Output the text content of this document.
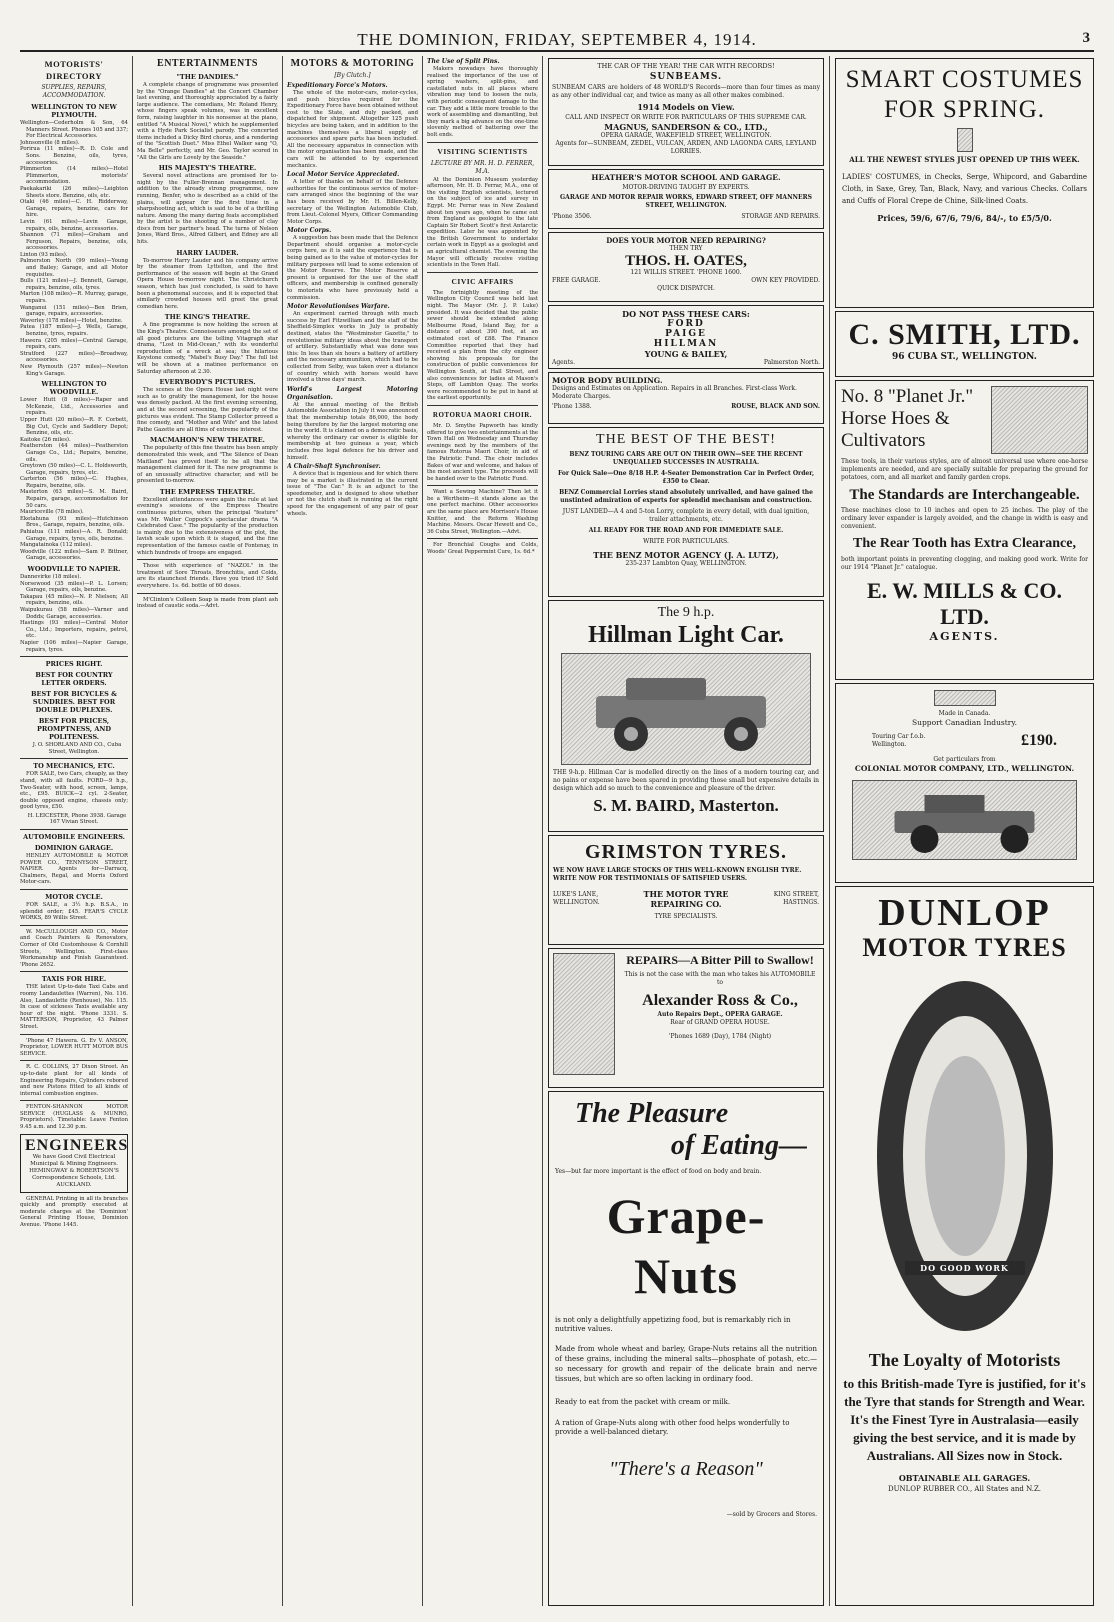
THE DOMINION, FRIDAY, SEPTEMBER 4, 1914.	3
MOTORISTS' DIRECTORY
SUPPLIES, REPAIRS, ACCOMMODATION.
WELLINGTON TO NEW PLYMOUTH.
Wellington—Cederholm & Son, 64 Manners Street. Phones 105 and 337; For Electrical Accessories.
Johnsonville (8 miles).
Porirua (11 miles)—R. D. Cole and Sons. Benzine, oils, tyres, accessories.
Plimmerton (14 miles)—Hotel Plimmerton, motorists' accommodation.
Paekakariki (26 miles)—Leighton Sheets store. Benzine, oils, etc.
Otaki (46 miles)—C. H. Ridderway, Garage, repairs, benzine, cars for hire.
Levin (61 miles)—Levin Garage, repairs, oils, benzine, accessories.
Shannon (71 miles)—Graham and Ferguson, Repairs, benzine, oils, accessories.
Linton (93 miles).
Palmerston North (99 miles)—Young and Bailey; Garage, and all Motor requisites.
Bulls (121 miles)—J. Bennett, Garage, repairs, benzine, oils, tyres.
Marton (108 miles)—R. Murray, garage, repairs.
Wanganui (151 miles)—Ben Brien, garage, repairs, accessories.
Waverley (178 miles)—Hotel, benzine.
Patea (187 miles)—J. Wells, Garage, benzine, tyres, repairs.
Hawera (205 miles)—Central Garage, repairs, cars.
Stratford (227 miles)—Broadway, accessories.
New Plymouth (257 miles)—Newton King's Garage.
WELLINGTON TO WOODVILLE.
Lower Hutt (8 miles)—Raper and McKenzie, Ltd., Accessories and repairs.
Upper Hutt (20 miles)—R. F. Corbett, Big Cut, Cycle and Saddlery Depot; Benzine, oils, etc.
Kaitoke (26 miles).
Featherston (44 miles)—Featherston Garage Co., Ltd.; Repairs, benzine, oils.
Greytown (50 miles)—C. L. Holdsworth, Garage, repairs, tyres, etc.
Carterton (56 miles)—C. Hughes, Repairs, benzine, oils.
Masterton (63 miles)—S. M. Baird, Repairs, garage, accommodation for 50 cars.
Mauriceville (78 miles).
Eketahuna (93 miles)—Hutchinson Bros., Garage, repairs, benzine, oils.
Pahiatua (111 miles)—A. R. Donald; Garage, repairs, tyres, oils, benzine.
Mangatainoka (112 miles).
Woodville (122 miles)—Sam P. Bittner, Garage, accessories.
WOODVILLE TO NAPIER.
Dannevirke (18 miles).
Norsewood (35 miles)—P. L. Lorsen; Garage, repairs, oils, benzine.
Takapau (45 miles)—N. P. Nielsen; All repairs, benzine, oils.
Waipukurau (58 miles)—Varner and Dodds; Garage, accessories.
Hastings (93 miles)—Central Motor Co., Ltd.; Importers, repairs, petrol, etc.
Napier (106 miles)—Napier Garage, repairs, tyres.
PRICES RIGHT.
BEST FOR COUNTRY LETTER ORDERS.
BEST FOR BICYCLES & SUNDRIES. BEST FOR DOUBLE DUPLEXES.
BEST FOR PRICES, PROMPTNESS, AND POLITENESS.
J. O. SHORLAND AND CO., Cuba Street, Wellington.
TO MECHANICS, ETC.
FOR SALE, two Cars, cheaply, as they stand, with all faults. FORD—9 h.p., Two-Seater, with hood, screen, lamps, etc., £95. BUICK—2 cyl. 2-Seater, double opposed engine, chassis only; good tyres, £50.
H. LEICESTER, Phone 3938. Garage 167 Vivian Street.
AUTOMOBILE ENGINEERS.
DOMINION GARAGE.
HENLEY AUTOMOBILE & MOTOR POWER CO., TENNYSON STREET, NAPIER. Agents for—Darracq, Chalmers, Regal, and Morris Oxford Motor-cars.
MOTOR CYCLE.
FOR SALE, a 3½ h.p. B.S.A., in splendid order; £45. FEAR'S CYCLE WORKS, 89 Willis Street.
W. McCULLOUGH AND CO., Motor and Coach Painters & Renovators, Corner of Old Customhouse & Cornhill Streets, Wellington. First-class Workmanship and Finish Guaranteed. 'Phone 2652.
TAXIS FOR HIRE.
THE latest Up-to-date Taxi Cabs and roomy Landaulettes (Warren), No. 116. Also, Landaulette (Renhouse), No. 115. In case of sickness Taxis available any hour of the night. 'Phone 3331. S. MATTERSON, Proprietor, 43 Palmer Street.
'Phone 47 Hawera. G. Ev V. ANSON, Proprietor, LOWER HUTT MOTOR BUS SERVICE.
R. C. COLLINS, 27 Dixon Street. An up-to-date plant for all kinds of Engineering Repairs, Cylinders rebored and new Pistons fitted to all kinds of internal combustion engines.
FENTON-SHANNON MOTOR SERVICE (HUGLASS & MUNRO, Proprietors). Timetable: Leave Fenton 9.45 a.m. and 12.30 p.m.
ENGINEERS
We have Good Civil Electrical Municipal & Mining Engineers. HEMINGWAY & ROBERTSON'S Correspondence Schools, Ltd. AUCKLAND.
GENERAL Printing in all its branches quickly and promptly executed at moderate charges at the 'Dominion' General Printing House, Dominion Avenue. 'Phone 1445.
ENTERTAINMENTS
"THE DANDIES."
A complete change of programme was presented by the "Orange Dandies" at the Concert Chamber last evening, and thoroughly appreciated by a fairly large audience. The comedians, Mr. Roland Henry, whose fingers speak volumes, was in excellent form, raising laughter in his nonsense at the piano, entitled "A Musical Novel," which he supplemented with a Hyde Park Socialist parody. The concerted items included a Dicky Bird chorus, and a rendering of the "Scottish Duet." Miss Ethel Walker sang "O, Ma Belle" perfectly, and Mr. Geo. Taylor scored in "All the Girls are Lovely by the Seaside."
HIS MAJESTY'S THEATRE.
Several novel attractions are promised for to-night by the Fuller-Brennan management. In addition to the already strong programme, now running, Benfer, who is described as a child of the plains, will appear for the first time in a sharpshooting act, which is said to be of a thrilling nature. Among the many daring feats accomplished by the artist is the shooting of a number of clay discs from her partner's head. The turns of Nelson Jones, Ward Bros., Alfred Gilberi, and Edney are all hits.
HARRY LAUDER.
To-morrow Harry Lauder and his company arrive by the steamer from Lyttelton, and the first performance of the season will begin at the Grand Opera House to-morrow night. The Christchurch season, which has just concluded, is said to have been a phenomenal success, and it is expected that similarly crowded houses will greet the great comedian here.
THE KING'S THEATRE.
A fine programme is now holding the screen at the King's Theatre. Connoisseurs amongst the set of all good pictures are the telling Vitagraph star drama, "Lost in Mid-Ocean," with its wonderful reproduction of a wreck at sea; the hilarious Keystone comedy, "Mabel's Busy Day." The full list will be shown at a matinee performance on Saturday afternoon at 2.30.
EVERYBODY'S PICTURES.
The scenes at the Opera House last night were such as to gratify the management, for the house was densely packed. At the first evening screening, and at the second screening, the popularity of the pictures was evident. The Stamp Collector proved a fine comedy, and "Mother and Wife" and the latest Pathe Gazette are all films of extreme interest.
MACMAHON'S NEW THEATRE.
The popularity of this fine theatre has been amply demonstrated this week, and "The Silence of Dean Maitland" has proved itself to be all that the management claimed for it. The new programme is of an unusually attractive character, and will be presented to-morrow.
THE EMPRESS THEATRE.
Excellent attendances were again the rule at last evening's sessions of the Empress Theatre continuous pictures, when the principal "feature" was Mr. Walter Coppock's spectacular drama "A Celebrated Case." The popularity of the production is mainly due to the extensiveness of the plot, the lavish scale upon which it is staged, and the fine representation of the famous castle of Fontenay, in which hundreds of troops are engaged.
Those with experience of "NAZOL" in the treatment of Sore Throats, Bronchitis, and Colds, are its staunchest friends. Have you tried it? Sold everywhere. 1s. 6d. bottle of 60 doses.
M'Clinton's Colleen Soap is made from plant ash instead of caustic soda.—Advt.
MOTORS & MOTORING
[By Clutch.]
Expeditionary Force's Motors.
The whole of the motor-cars, motor-cycles, and push bicycles required for the Expeditionary Force have been obtained without cost to the State, and duly packed, and dispatched for shipment. Altogether 125 push bicycles are being taken, and in addition to the machines themselves a liberal supply of accessories and spare parts has been included. All the necessary apparatus in connection with the motor organisation has been made, and the cars will be attended to by experienced mechanics.
Local Motor Service Appreciated.
A letter of thanks on behalf of the Defence authorities for the continuous service of motor-cars arranged since the beginning of the war has been received by Mr. H. Billen-Kelly, secretary of the Wellington Automobile Club, from Lieut.-Colonel Myers, Officer Commanding Motor Corps.
Motor Corps.
A suggestion has been made that the Defence Department should organise a motor-cycle corps here, as it is said the experience that is being gained as to the value of motor-cycles for military purposes will lead to some extension of the Motor Reserve. The Motor Reserve at present is organised for the use of the staff officers, and membership is confined generally to motorists who have previously held a commission.
Motor Revolutionises Warfare.
An experiment carried through with much success by Earl Fitzwilliam and the staff of the Sheffield-Simplex works in July is probably destined, states the "Westminster Gazette," to revolutionise military ideas about the transport of artillery. Substantially what was done was this: In less than six hours a battery of artillery and the necessary ammunition, which had to be collected from Selby, was taken over a distance of country which with horses would have involved a three days' march.
World's Largest Motoring Organisation.
At the annual meeting of the British Automobile Association in July it was announced that the membership totals 86,000, the body being therefore by far the largest motoring one in the world. It is claimed on a democratic basis, whereby the ordinary car owner is eligible for membership at two guineas a year, which includes free legal defence for his driver and himself.
A Chair-Shaft Synchroniser.
A device that is ingenious and for which there may be a market is illustrated in the current issue of "The Car." It is an adjunct to the speedometer, and is designed to show whether or not the clutch shaft is running at the right speed for the engagement of any pair of gear wheels.
The Use of Split Pins.
Makers nowadays have thoroughly realised the importance of the use of spring washers, split-pins, and castellated nuts in all places where vibration may tend to loosen the nuts, with periodic consequent damage to the car. They add a little more trouble to the work of assembling and dismantling, but they mark a big advance on the one-time slovenly method of battering over the bolt ends.
VISITING SCIENTISTS
LECTURE BY MR. H. D. FERRER, M.A.
At the Dominion Museum yesterday afternoon, Mr. H. D. Ferrar, M.A., one of the visiting English scientists, lectured on the subject of ice and survey in Egypt. Mr. Ferrar was in New Zealand about ten years ago, when he came out from England as geologist to the late Captain Sir Robert Scott's first Antarctic expedition. Later he was appointed by the British Government to undertake certain work in Egypt as a geologist and an agricultural chemist. The evening the Mayor will officially receive visiting scientists in the Town Hall.
CIVIC AFFAIRS
The fortnightly meeting of the Wellington City Council was held last night. The Mayor (Mr. J. P. Luke) presided. It was decided that the public sewer should be extended along Melbourne Road, Island Bay, for a distance of about 390 feet, at an estimated cost of £88. The Finance Committee reported that they had received a plan from the city engineer showing his proposals for the construction of public conveniences for Wellington South, at Hall Street, and also conveniences for ladies at Mason's Steps, off Lambton Quay. The works were recommended to be put in hand at the earliest opportunity.
ROTORUA MAORI CHOIR.
Mr. D. Smythe Papworth has kindly offered to give two entertainments at the Town Hall on Wednesday and Thursday evenings next by the members of the famous Rotorua Maori Choir, in aid of the Patriotic Fund. The choir includes Bakes of war and welcome, and hakas of the most ancient type. The proceeds will be handed over to the Patriotic Fund.
Want a Sewing Machine? Then let it be a Wertheim—it stands alone as the one perfect machine. Other accessories are the same place are Morrison's House Knitter, and the Reform Washing Machine. Messrs. Oscar Hewett and Co., 36 Cuba Street, Wellington.—Advt.
For Bronchial Coughs and Colds, Woods' Great Peppermint Cure, 1s. 6d.*
THE CAR OF THE YEAR! THE CAR WITH RECORDS!
SUNBEAMS.
SUNBEAM CARS are holders of 48 WORLD'S Records—more than four times as many as any other individual car, and twice as many as all other makes combined.
1914 Models on View.
CALL AND INSPECT OR WRITE FOR PARTICULARS OF THIS SUPREME CAR.
MAGNUS, SANDERSON & CO., LTD.,
OPERA GARAGE, WAKEFIELD STREET, WELLINGTON.
Agents for—SUNBEAM, ZEDEL, VULCAN, ARDEN, AND LAGONDA CARS, LEYLAND LORRIES.
HEATHER'S MOTOR SCHOOL AND GARAGE.
MOTOR-DRIVING TAUGHT BY EXPERTS.
GARAGE AND MOTOR REPAIR WORKS, EDWARD STREET, OFF MANNERS STREET, WELLINGTON.
'Phone 3506.	STORAGE AND REPAIRS.
DOES YOUR MOTOR NEED REPAIRING?
THEN TRY
THOS. H. OATES,
121 WILLIS STREET. 'PHONE 1600.
FREE GARAGE.	OWN KEY PROVIDED.
QUICK DISPATCH.
DO NOT PASS THESE CARS:
FORD
PAIGE
HILLMAN
YOUNG & BAILEY,
Agents.	Palmerston North.
MOTOR BODY BUILDING.
Designs and Estimates on Application. Repairs in all Branches. First-class Work. Moderate Charges.
'Phone 1388.	ROUSE, BLACK AND SON.
THE BEST OF THE BEST!
BENZ TOURING CARS ARE OUT ON THEIR OWN—SEE THE RECENT UNEQUALLED SUCCESSES IN AUSTRALIA.
For Quick Sale—One 8/18 H.P. 4-Seater Demonstration Car in Perfect Order, £350 to Clear.
BENZ Commercial Lorries stand absolutely unrivalled, and have gained the unstinted admiration of experts for splendid mechanism and construction.
JUST LANDED—A 4 and 5-ton Lorry, complete in every detail, with dual ignition, trailer attachments, etc.
ALL READY FOR THE ROAD AND FOR IMMEDIATE SALE.
WRITE FOR PARTICULARS.
THE BENZ MOTOR AGENCY (J. A. LUTZ),
235-237 Lambton Quay, WELLINGTON.
The 9 h.p.
Hillman Light Car.
THE 9-h.p. Hillman Car is modelled directly on the lines of a modern touring car, and no pains or expense have been spared in providing those small but expensive details in design which add so much to the convenience and pleasure of the driver.
S. M. BAIRD, Masterton.
GRIMSTON TYRES.
WE NOW HAVE LARGE STOCKS OF THIS WELL-KNOWN ENGLISH TYRE. WRITE NOW FOR TESTIMONIALS OF SATISFIED USERS.
LUKE'S LANE, WELLINGTON.
THE MOTOR TYRE REPAIRING CO.
KING STREET, HASTINGS.
TYRE SPECIALISTS.
REPAIRS—A Bitter Pill to Swallow!
This is not the case with the man who takes his AUTOMOBILE to
Alexander Ross & Co.,
Auto Repairs Dept., OPERA GARAGE.
Rear of GRAND OPERA HOUSE.
'Phones 1689 (Day), 1784 (Night)
The Pleasure
of Eating—
Yes—but far more important is the effect of food on body and brain.
Grape-Nuts
is not only a delightfully appetizing food, but is remarkably rich in nutritive values.
Made from whole wheat and barley, Grape-Nuts retains all the nutrition of these grains, including the mineral salts—phosphate of potash, etc.—so necessary for growth and repair of the delicate brain and nerve tissues, but which are so often lacking in ordinary food.
Ready to eat from the packet with cream or milk.
A ration of Grape-Nuts along with other food helps wonderfully to provide a well-balanced dietary.
"There's a Reason"
—sold by Grocers and Stores.
SMART COSTUMES
FOR SPRING.
ALL THE NEWEST STYLES JUST OPENED UP THIS WEEK.
LADIES' COSTUMES, in Checks, Serge, Whipcord, and Gabardine Cloth, in Saxe, Grey, Tan, Black, Navy, and various Checks. Collars and Cuffs of Floral Crepe de Chine, Silk-lined Coats.
Prices, 59/6, 67/6, 79/6, 84/-, to £5/5/0.
C. SMITH, LTD.
96 CUBA ST., WELLINGTON.
No. 8 "Planet Jr."
Horse Hoes &
Cultivators
These tools, in their various styles, are of almost universal use where one-horse implements are needed, and are specially suitable for preparing the ground for potatoes, corn, and all market and family garden crops.
The Standards are Interchangeable.
These machines close to 10 inches and open to 25 inches. The play of the ordinary lever expander is largely avoided, and the change in width is easy and convenient.
The Rear Tooth has Extra Clearance,
both important points in preventing clogging, and making good work. Write for our 1914 "Planet Jr." catalogue.
E. W. MILLS & CO. LTD.
AGENTS.
Made in Canada.
Support Canadian Industry.
Touring Car f.o.b. Wellington.	£190.
Get particulars from
COLONIAL MOTOR COMPANY, LTD., WELLINGTON.
DUNLOP
MOTOR TYRES
DO GOOD WORK
The Loyalty of Motorists
to this British-made Tyre is justified, for it's the Tyre that stands for Strength and Wear. It's the Finest Tyre in Australasia—easily giving the best service, and it is made by Australians. All Sizes now in Stock.
OBTAINABLE ALL GARAGES.
DUNLOP RUBBER CO., All States and N.Z.
